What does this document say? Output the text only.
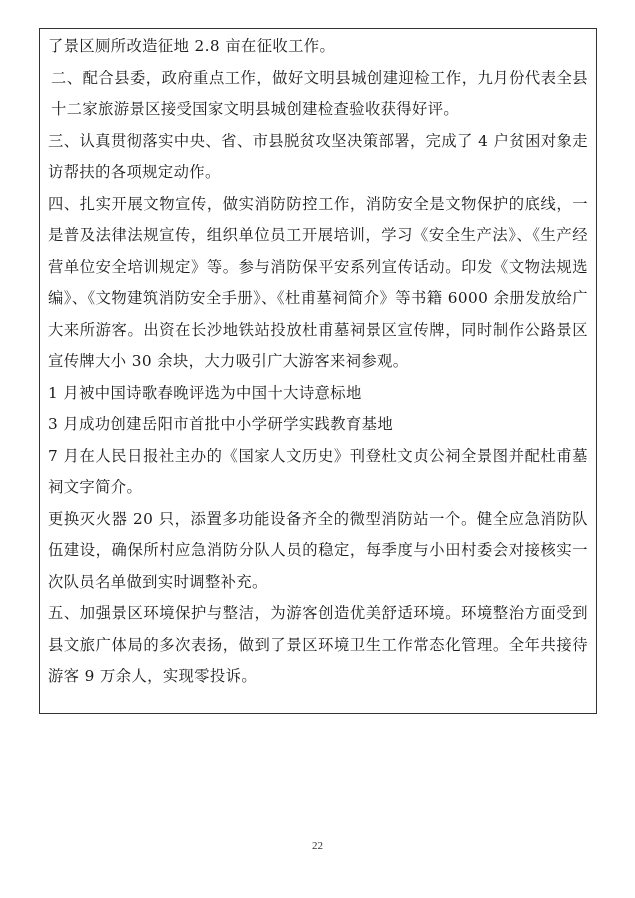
了景区厕所改造征地 2.8 亩在征收工作。

二、配合县委，政府重点工作，做好文明县城创建迎检工作，九月份代表全县十二家旅游景区接受国家文明县城创建检查验收获得好评。

三、认真贯彻落实中央、省、市县脱贫攻坚决策部署，完成了 4 户贫困对象走访帮扶的各项规定动作。

四、扎实开展文物宣传，做实消防防控工作，消防安全是文物保护的底线，一是普及法律法规宣传，组织单位员工开展培训，学习《安全生产法》、《生产经营单位安全培训规定》等。参与消防保平安系列宣传话动。印发《文物法规选编》、《文物建筑消防安全手册》、《杜甫墓祠简介》等书籍 6000 余册发放给广大来所游客。出资在长沙地铁站投放杜甫墓祠景区宣传牌，同时制作公路景区宣传牌大小 30 余块，大力吸引广大游客来祠参观。

1 月被中国诗歌春晚评选为中国十大诗意标地

3 月成功创建岳阳市首批中小学研学实践教育基地

7 月在人民日报社主办的《国家人文历史》刊登杜文贞公祠全景图并配杜甫墓祠文字简介。

更换灭火器 20 只，添置多功能设备齐全的微型消防站一个。健全应急消防队伍建设，确保所村应急消防分队人员的稳定，每季度与小田村委会对接核实一次队员名单做到实时调整补充。

五、加强景区环境保护与整洁，为游客创造优美舒适环境。环境整治方面受到县文旅广体局的多次表扬，做到了景区环境卫生工作常态化管理。全年共接待游客 9 万余人，实现零投诉。

22
